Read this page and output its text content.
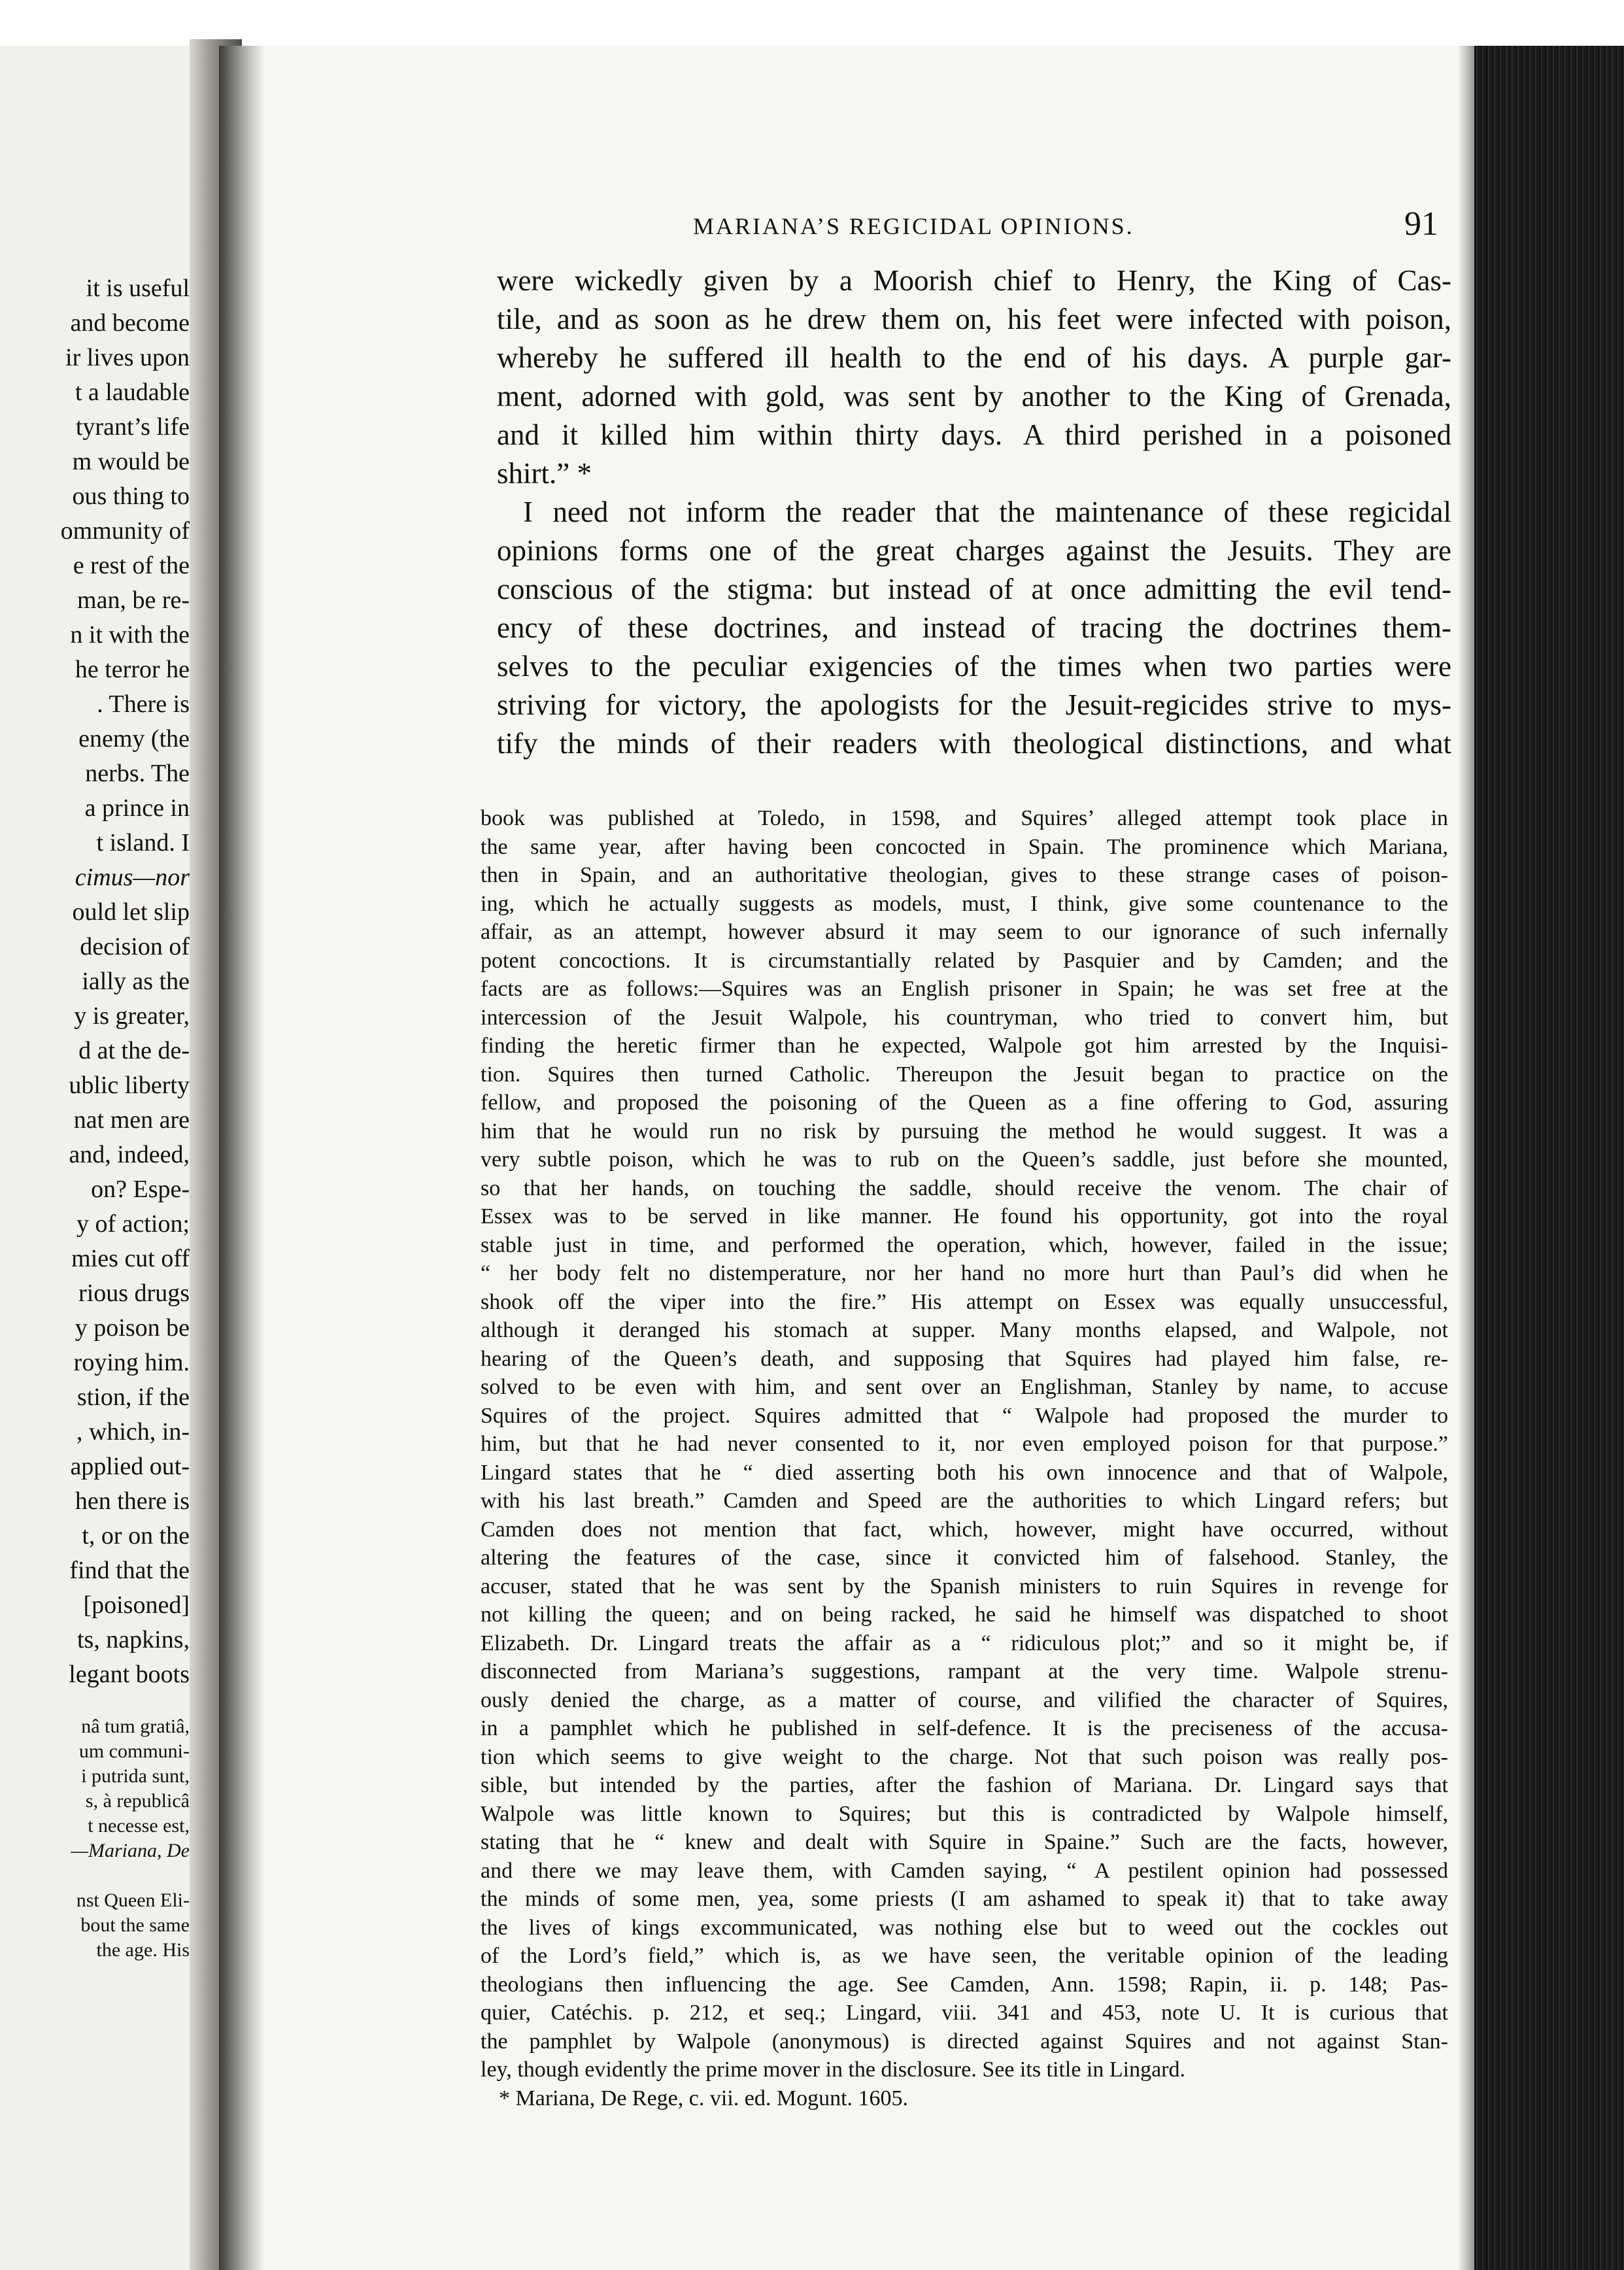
it is useful
and become
ir lives upon
t a laudable
tyrant’s life
m would be
ous thing to
ommunity of
e rest of the
man, be re-
n it with the
he terror he
. There is
enemy (the
nerbs. The
a prince in
t island. I
cimus—nor
ould let slip
decision of
ially as the
y is greater,
d at the de-
ublic liberty
nat men are
and, indeed,
on? Espe-
y of action;
mies cut off
rious drugs
y poison be
roying him.
stion, if the
, which, in-
applied out-
hen there is
t, or on the
find that the
[poisoned]
ts, napkins,
legant boots
nâ tum gratiâ,
um communi-
i putrida sunt,
s, à republicâ
t necesse est,
—Mariana, De
nst Queen Eli-
bout the same
the age. His
MARIANA’S REGICIDAL OPINIONS.	91
were wickedly given by a Moorish chief to Henry, the King of Cas-
tile, and as soon as he drew them on, his feet were infected with poison,
whereby he suffered ill health to the end of his days. A purple gar-
ment, adorned with gold, was sent by another to the King of Grenada,
and it killed him within thirty days. A third perished in a poisoned
shirt.” *
I need not inform the reader that the maintenance of these regicidal
opinions forms one of the great charges against the Jesuits. They are
conscious of the stigma: but instead of at once admitting the evil tend-
ency of these doctrines, and instead of tracing the doctrines them-
selves to the peculiar exigencies of the times when two parties were
striving for victory, the apologists for the Jesuit-regicides strive to mys-
tify the minds of their readers with theological distinctions, and what
book was published at Toledo, in 1598, and Squires’ alleged attempt took place in
the same year, after having been concocted in Spain. The prominence which Mariana,
then in Spain, and an authoritative theologian, gives to these strange cases of poison-
ing, which he actually suggests as models, must, I think, give some countenance to the
affair, as an attempt, however absurd it may seem to our ignorance of such infernally
potent concoctions. It is circumstantially related by Pasquier and by Camden; and the
facts are as follows:—Squires was an English prisoner in Spain; he was set free at the
intercession of the Jesuit Walpole, his countryman, who tried to convert him, but
finding the heretic firmer than he expected, Walpole got him arrested by the Inquisi-
tion. Squires then turned Catholic. Thereupon the Jesuit began to practice on the
fellow, and proposed the poisoning of the Queen as a fine offering to God, assuring
him that he would run no risk by pursuing the method he would suggest. It was a
very subtle poison, which he was to rub on the Queen’s saddle, just before she mounted,
so that her hands, on touching the saddle, should receive the venom. The chair of
Essex was to be served in like manner. He found his opportunity, got into the royal
stable just in time, and performed the operation, which, however, failed in the issue;
“ her body felt no distemperature, nor her hand no more hurt than Paul’s did when he
shook off the viper into the fire.” His attempt on Essex was equally unsuccessful,
although it deranged his stomach at supper. Many months elapsed, and Walpole, not
hearing of the Queen’s death, and supposing that Squires had played him false, re-
solved to be even with him, and sent over an Englishman, Stanley by name, to accuse
Squires of the project. Squires admitted that “ Walpole had proposed the murder to
him, but that he had never consented to it, nor even employed poison for that purpose.”
Lingard states that he “ died asserting both his own innocence and that of Walpole,
with his last breath.” Camden and Speed are the authorities to which Lingard refers; but
Camden does not mention that fact, which, however, might have occurred, without
altering the features of the case, since it convicted him of falsehood. Stanley, the
accuser, stated that he was sent by the Spanish ministers to ruin Squires in revenge for
not killing the queen; and on being racked, he said he himself was dispatched to shoot
Elizabeth. Dr. Lingard treats the affair as a “ ridiculous plot;” and so it might be, if
disconnected from Mariana’s suggestions, rampant at the very time. Walpole strenu-
ously denied the charge, as a matter of course, and vilified the character of Squires,
in a pamphlet which he published in self-defence. It is the preciseness of the accusa-
tion which seems to give weight to the charge. Not that such poison was really pos-
sible, but intended by the parties, after the fashion of Mariana. Dr. Lingard says that
Walpole was little known to Squires; but this is contradicted by Walpole himself,
stating that he “ knew and dealt with Squire in Spaine.” Such are the facts, however,
and there we may leave them, with Camden saying, “ A pestilent opinion had possessed
the minds of some men, yea, some priests (I am ashamed to speak it) that to take away
the lives of kings excommunicated, was nothing else but to weed out the cockles out
of the Lord’s field,” which is, as we have seen, the veritable opinion of the leading
theologians then influencing the age. See Camden, Ann. 1598; Rapin, ii. p. 148; Pas-
quier, Catéchis. p. 212, et seq.; Lingard, viii. 341 and 453, note U. It is curious that
the pamphlet by Walpole (anonymous) is directed against Squires and not against Stan-
ley, though evidently the prime mover in the disclosure. See its title in Lingard.
* Mariana, De Rege, c. vii. ed. Mogunt. 1605.
